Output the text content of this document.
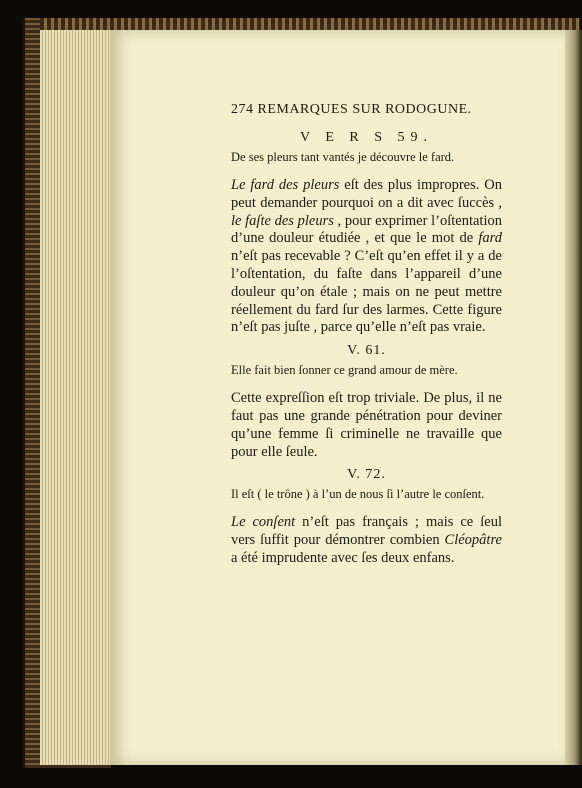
274 REMARQUES SUR RODOGUNE.
V E R S 59.
De ses pleurs tant vantés je découvre le fard.
Le fard des pleurs eſt des plus impropres. On peut demander pourquoi on a dit avec ſuccès , le faſte des pleurs , pour exprimer l’oſtentation d’une douleur étudiée , et que le mot de fard n’eſt pas recevable ? C’eſt qu’en effet il y a de l’oſtentation, du faſte dans l’appareil d’une douleur qu’on étale ; mais on ne peut mettre réellement du fard ſur des larmes. Cette figure n’eſt pas juſte , parce qu’elle n’eſt pas vraie.
V. 61.
Elle fait bien ſonner ce grand amour de mère.
Cette expreſſion eſt trop triviale. De plus, il ne faut pas une grande pénétration pour deviner qu’une femme ſi criminelle ne travaille que pour elle ſeule.
V. 72.
Il eſt ( le trône ) à l’un de nous ſi l’autre le conſent.
Le conſent n’eſt pas français ; mais ce ſeul vers ſuffit pour démontrer combien Cléopâtre a été imprudente avec ſes deux enfans.
